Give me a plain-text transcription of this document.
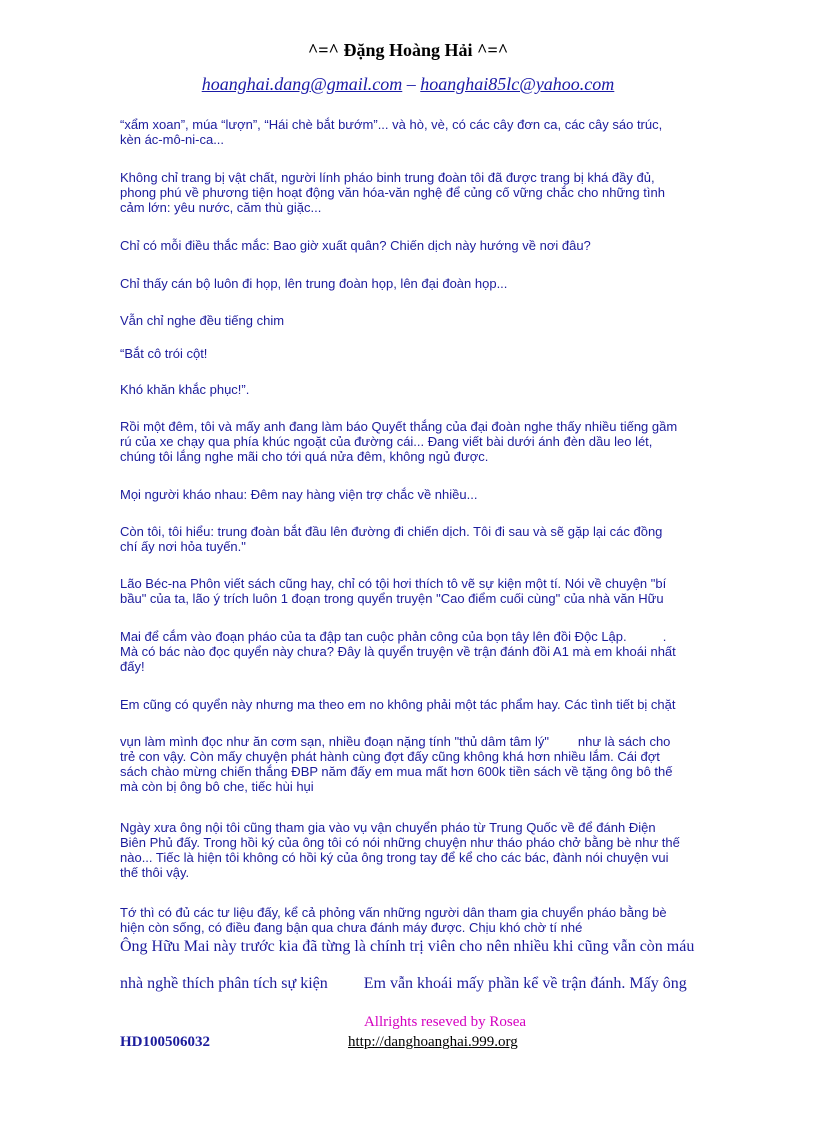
^=^ Đặng Hoàng Hải ^=^
hoanghai.dang@gmail.com – hoanghai85lc@yahoo.com

“xẩm xoan”, múa “lượn”, “Hái chè bắt bướm”... và hò, vè, có các cây đơn ca, các cây sáo trúc,
kèn ác-mô-ni-ca...

Không chỉ trang bị vật chất, người lính pháo binh trung đoàn tôi đã được trang bị khá đầy đủ,
phong phú về phương tiện hoạt động văn hóa-văn nghệ để củng cố vững chắc cho những tình
cảm lớn: yêu nước, căm thù giặc...

Chỉ có mỗi điều thắc mắc: Bao giờ xuất quân? Chiến dịch này hướng về nơi đâu?

Chỉ thấy cán bộ luôn đi họp, lên trung đoàn họp, lên đại đoàn họp...

Vẫn chỉ nghe đều tiếng chim

“Bắt cô trói cột!

Khó khăn khắc phục!”.

Rồi một đêm, tôi và mấy anh đang làm báo Quyết thắng của đại đoàn nghe thấy nhiều tiếng gầm
rú của xe chạy qua phía khúc ngoặt của đường cái... Đang viết bài dưới ánh đèn dầu leo lét,
chúng tôi lắng nghe mãi cho tới quá nửa đêm, không ngủ được.

Mọi người kháo nhau: Đêm nay hàng viện trợ chắc về nhiều...

Còn tôi, tôi hiểu: trung đoàn bắt đầu lên đường đi chiến dịch. Tôi đi sau và sẽ gặp lại các đồng
chí ấy nơi hỏa tuyến."

Lão Béc-na Phôn viết sách cũng hay, chỉ có tội hơi thích tô vẽ sự kiện một tí. Nói về chuyện "bí
bầu" của ta, lão ý trích luôn 1 đoạn trong quyển truyện "Cao điểm cuối cùng" của nhà văn Hữu

Mai để cắm vào đoạn pháo của ta đập tan cuộc phản công của bọn tây lên đồi Độc Lập.          .
Mà có bác nào đọc quyển này chưa? Đây là quyển truyện về trận đánh đồi A1 mà em khoái nhất
đấy!

Em cũng có quyển này nhưng ma theo em no không phải một tác phẩm hay. Các tình tiết bị chặt

vụn làm mình đọc như ăn cơm sạn, nhiều đoạn nặng tính "thủ dâm tâm lý"        như là sách cho
trẻ con vậy. Còn mấy chuyện phát hành cùng đợt đấy cũng không khá hơn nhiều lắm. Cái đợt
sách chào mừng chiến thắng ĐBP năm đấy em mua mất hơn 600k tiền sách về tặng ông bô thế
mà còn bị ông bô che, tiếc hùi hụi

Ngày xưa ông nội tôi cũng tham gia vào vụ vận chuyển pháo từ Trung Quốc về để đánh Điện
Biên Phủ đấy. Trong hồi ký của ông tôi có nói những chuyện như tháo pháo chở bằng bè như thế
nào... Tiếc là hiện tôi không có hồi ký của ông trong tay để kể cho các bác, đành nói chuyện vui
thế thôi vậy.

Tớ thì có đủ các tư liệu đấy, kể cả phỏng vấn những người dân tham gia chuyển pháo bằng bè
hiện còn sống, có điều đang bận qua chưa đánh máy được. Chịu khó chờ tí nhé

Ông Hữu Mai này trước kia đã từng là chính trị viên cho nên nhiều khi cũng vẫn còn máu

nhà nghề thích phân tích sự kiện         Em vẫn khoái mấy phần kể về trận đánh. Mấy ông

Allrights reseved by Rosea
HD100506032	http://danghoanghai.999.org
